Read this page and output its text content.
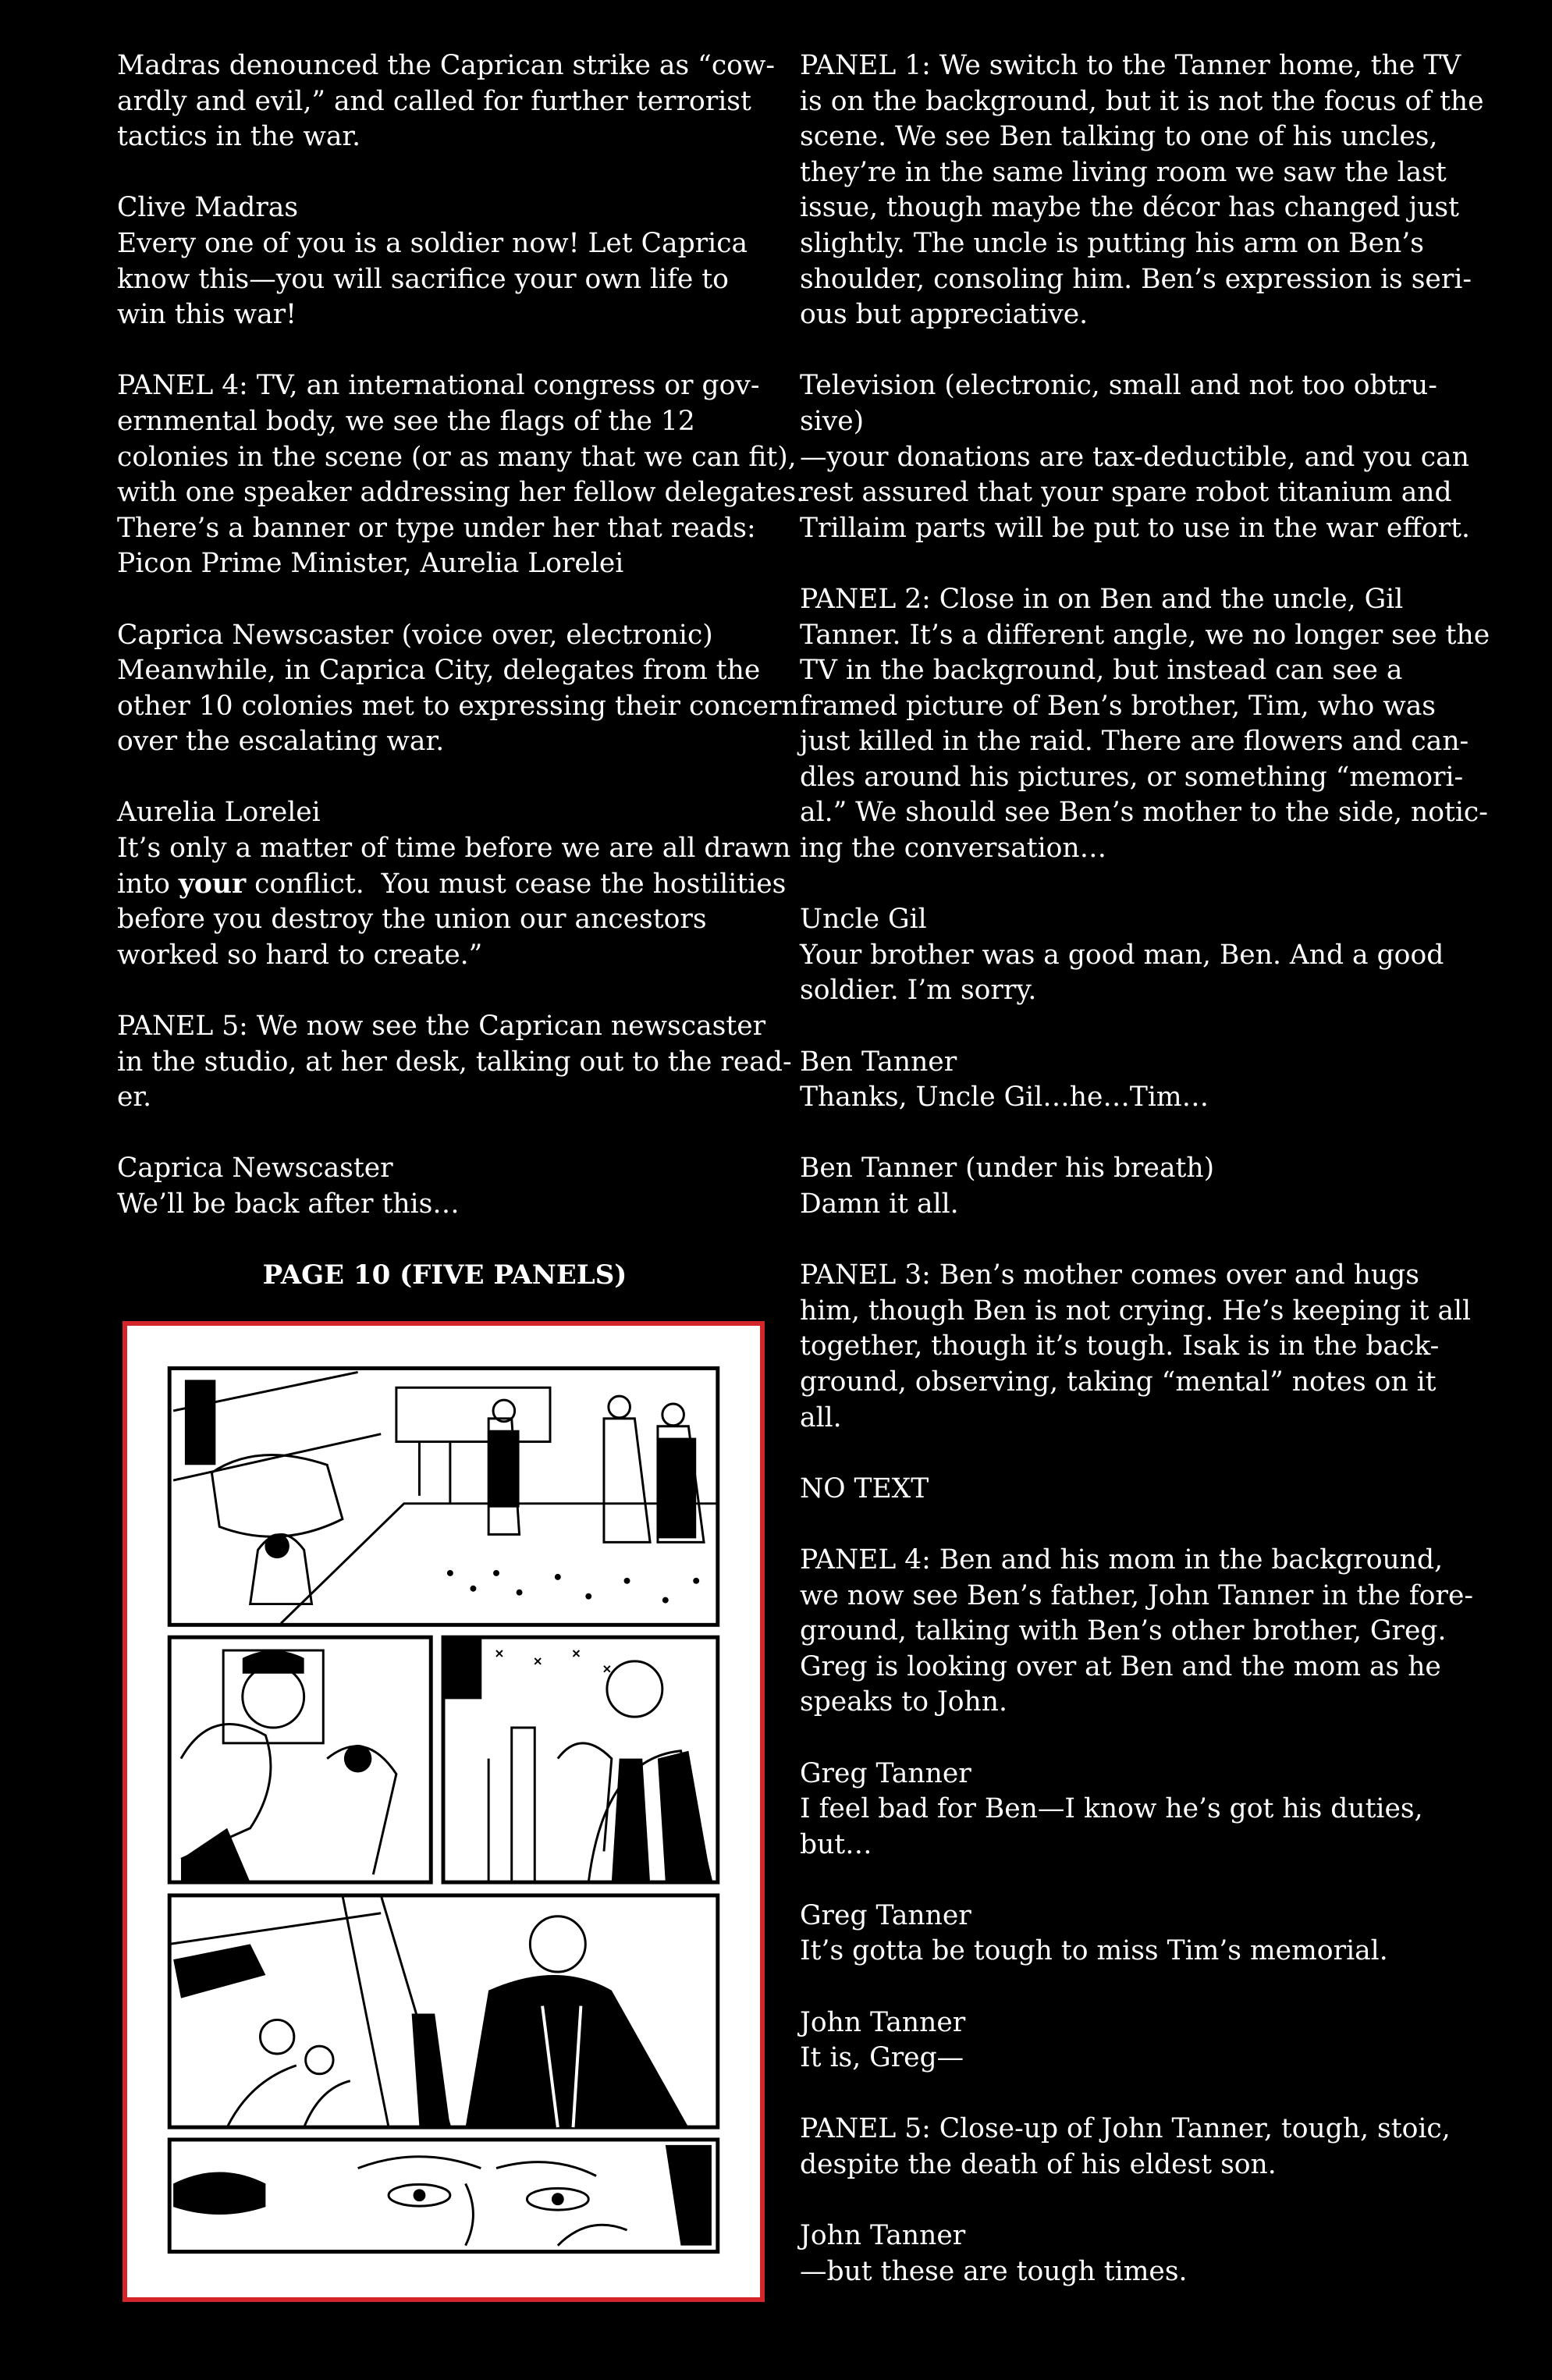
Madras denounced the Caprican strike as “cow-
ardly and evil,” and called for further terrorist
tactics in the war.
Clive Madras
Every one of you is a soldier now! Let Caprica
know this—you will sacrifice your own life to
win this war!
PANEL 4: TV, an international congress or gov-
ernmental body, we see the flags of the 12
colonies in the scene (or as many that we can fit),
with one speaker addressing her fellow delegates.
There’s a banner or type under her that reads:
Picon Prime Minister, Aurelia Lorelei
Caprica Newscaster (voice over, electronic)
Meanwhile, in Caprica City, delegates from the
other 10 colonies met to expressing their concern
over the escalating war.
Aurelia Lorelei
It’s only a matter of time before we are all drawn
into your conflict.  You must cease the hostilities
before you destroy the union our ancestors
worked so hard to create.”
PANEL 5: We now see the Caprican newscaster
in the studio, at her desk, talking out to the read-
er.
Caprica Newscaster
We’ll be back after this…
PAGE 10 (FIVE PANELS)
PANEL 1: We switch to the Tanner home, the TV
is on the background, but it is not the focus of the
scene. We see Ben talking to one of his uncles,
they’re in the same living room we saw the last
issue, though maybe the décor has changed just
slightly. The uncle is putting his arm on Ben’s
shoulder, consoling him. Ben’s expression is seri-
ous but appreciative.
Television (electronic, small and not too obtru-
sive)
—your donations are tax-deductible, and you can
rest assured that your spare robot titanium and
Trillaim parts will be put to use in the war effort.
PANEL 2: Close in on Ben and the uncle, Gil
Tanner. It’s a different angle, we no longer see the
TV in the background, but instead can see a
framed picture of Ben’s brother, Tim, who was
just killed in the raid. There are flowers and can-
dles around his pictures, or something “memori-
al.” We should see Ben’s mother to the side, notic-
ing the conversation…
Uncle Gil
Your brother was a good man, Ben. And a good
soldier. I’m sorry.
Ben Tanner
Thanks, Uncle Gil…he…Tim…
Ben Tanner (under his breath)
Damn it all.
PANEL 3: Ben’s mother comes over and hugs
him, though Ben is not crying. He’s keeping it all
together, though it’s tough. Isak is in the back-
ground, observing, taking “mental” notes on it
all.
NO TEXT
PANEL 4: Ben and his mom in the background,
we now see Ben’s father, John Tanner in the fore-
ground, talking with Ben’s other brother, Greg.
Greg is looking over at Ben and the mom as he
speaks to John.
Greg Tanner
I feel bad for Ben—I know he’s got his duties,
but…
Greg Tanner
It’s gotta be tough to miss Tim’s memorial.
John Tanner
It is, Greg—
PANEL 5: Close-up of John Tanner, tough, stoic,
despite the death of his eldest son.
John Tanner
—but these are tough times.
